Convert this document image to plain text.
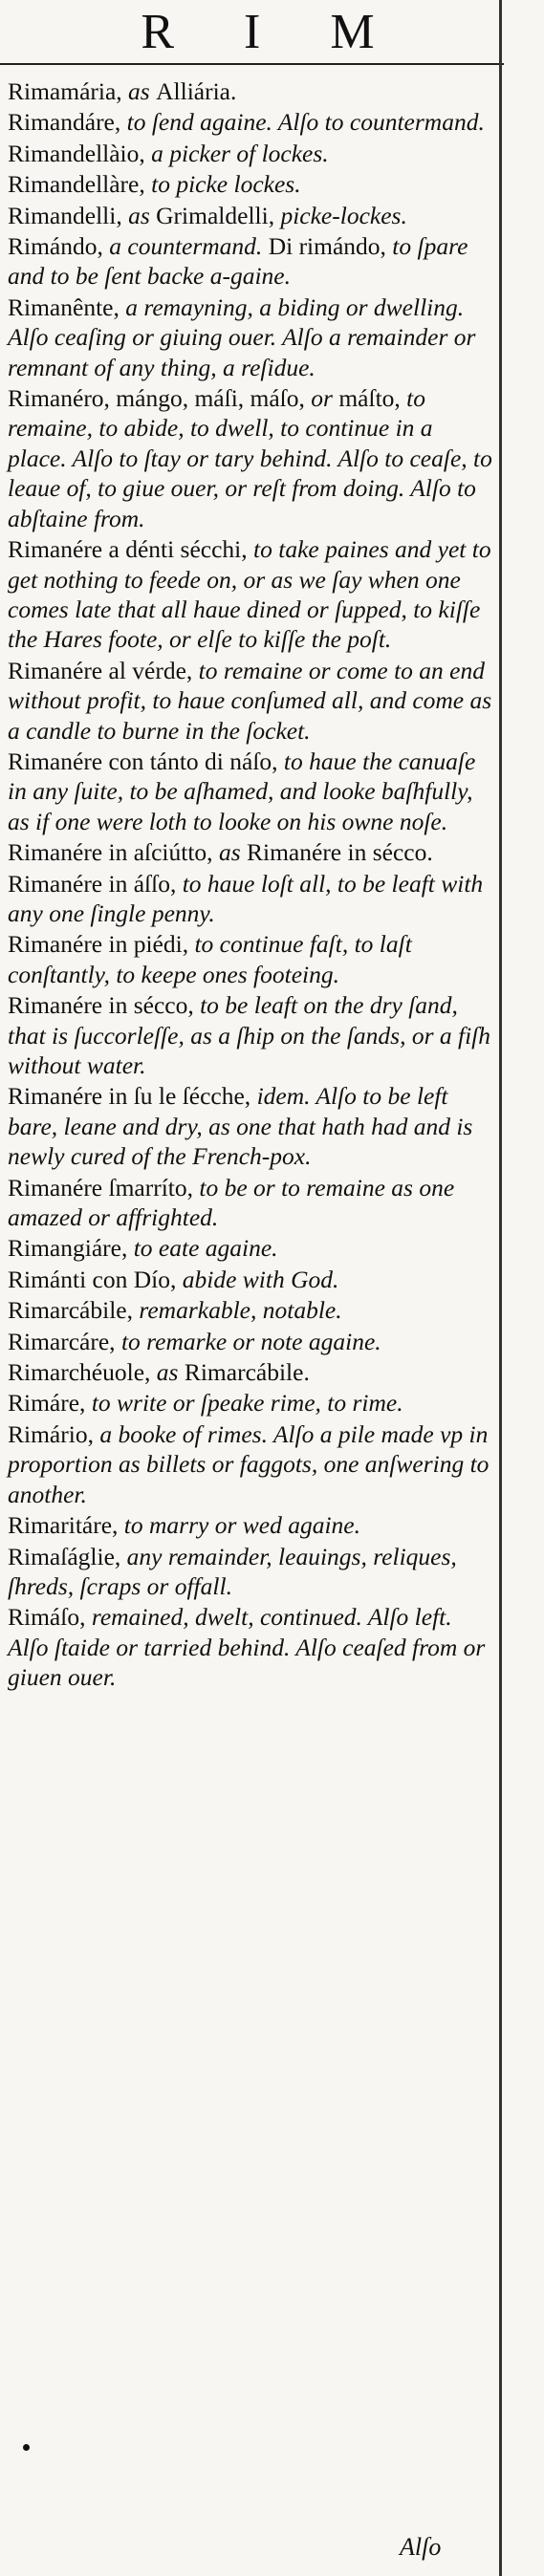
R I M
Rimamária, as Alliária.
Rimandáre, to ſend againe. Alſo to countermand.
Rimandellàio, a picker of lockes.
Rimandellàre, to picke lockes.
Rimandelli, as Grimaldelli, picke-lockes.
Rimándo, a countermand. Di rimándo, to ſpare and to be ſent backe a-gaine.
Rimanênte, a remayning, a biding or dwelling. Alſo ceaſing or giuing ouer. Alſo a remainder or remnant of any thing, a reſidue.
Rimanéro, mángo, máſi, máſo, or máſto, to remaine, to abide, to dwell, to continue in a place. Alſo to ſtay or tary behind. Alſo to ceaſe, to leaue of, to giue ouer, or reſt from doing. Alſo to abſtaine from.
Rimanére a dénti sécchi, to take paines and yet to get nothing to feede on, or as we ſay when one comes late that all haue dined or ſupped, to kiſſe the Hares foote, or elſe to kiſſe the poſt.
Rimanére al vérde, to remaine or come to an end without profit, to haue conſumed all, and come as a candle to burne in the ſocket.
Rimanére con tánto di náſo, to haue the canuaſe in any ſuite, to be aſhamed, and looke baſhfully, as if one were loth to looke on his owne noſe.
Rimanére in aſciútto, as Rimanére in sécco.
Rimanére in áſſo, to haue loſt all, to be leaft with any one ſingle penny.
Rimanére in piédi, to continue faſt, to laſt conſtantly, to keepe ones footeing.
Rimanére in sécco, to be leaft on the dry ſand, that is ſuccorleſſe, as a ſhip on the ſands, or a fiſh without water.
Rimanére in ſu le ſécche, idem. Alſo to be left bare, leane and dry, as one that hath had and is newly cured of the French-pox.
Rimanére ſmarríto, to be or to remaine as one amazed or affrighted.
Rimangiáre, to eate againe.
Rimánti con Dío, abide with God.
Rimarcábile, remarkable, notable.
Rimarcáre, to remarke or note againe.
Rimarchéuole, as Rimarcábile.
Rimáre, to write or ſpeake rime, to rime.
Rimário, a booke of rimes. Alſo a pile made vp in proportion as billets or faggots, one anſwering to another.
Rimaritáre, to marry or wed againe.
Rimaſáglie, any remainder, leauings, reliques, ſhreds, ſcraps or offall.
Rimáſo, remained, dwelt, continued. Alſo left. Alſo ſtaide or tarried behind. Alſo ceaſed from or giuen ouer.
Alſo
